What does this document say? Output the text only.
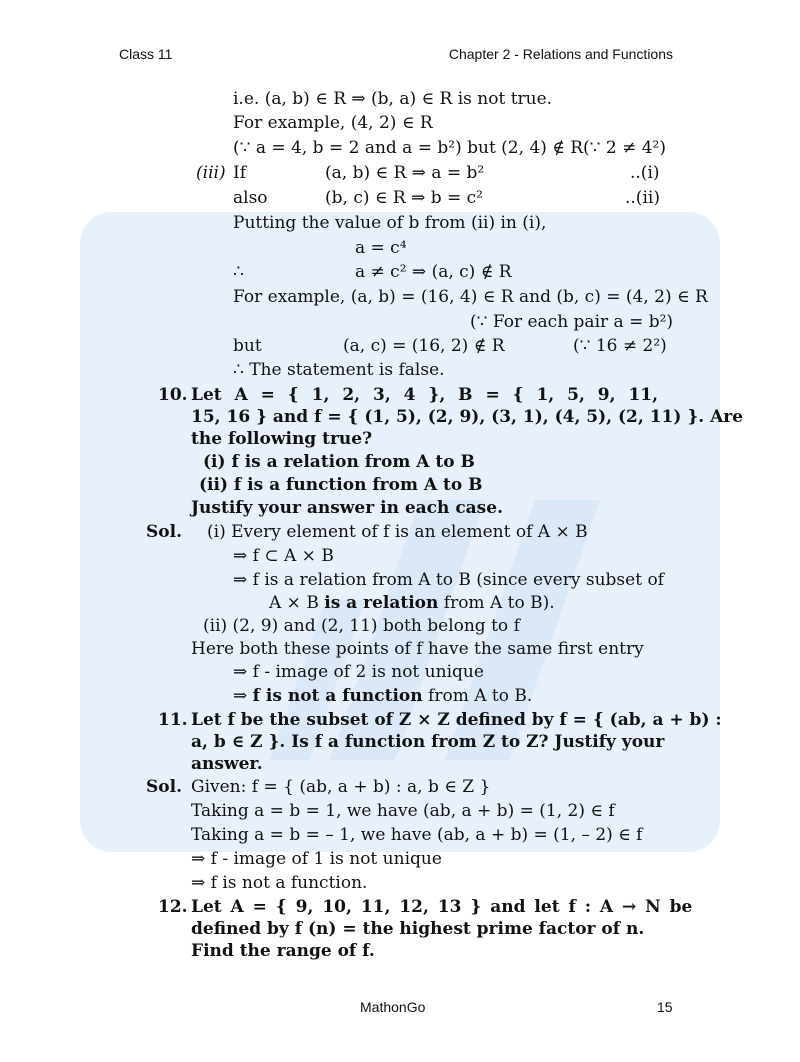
Class 11	Chapter 2 - Relations and Functions
i.e. (a, b) ∈ R ⇒ (b, a) ∈ R is not true.
For example, (4, 2) ∈ R
(∵ a = 4, b = 2 and a = b²) but (2, 4) ∉ R (∵ 2 ≠ 4²)
(iii) If	(a, b) ∈ R ⇒ a = b²	..(i)
also	(b, c) ∈ R ⇒ b = c²	..(ii)
Putting the value of b from (ii) in (i),
a = c⁴
∴	a ≠ c² ⇒ (a, c) ∉ R
For example, (a, b) = (16, 4) ∈ R and (b, c) = (4, 2) ∈ R
(∵ For each pair a = b²)
but	(a, c) = (16, 2) ∉ R	(∵ 16 ≠ 2²)
∴ The statement is false.
10. Let A = { 1, 2, 3, 4 }, B = { 1, 5, 9, 11,
15, 16 } and f = { (1, 5), (2, 9), (3, 1), (4, 5), (2, 11) }. Are
the following true?
(i) f is a relation from A to B
(ii) f is a function from A to B
Justify your answer in each case.
Sol. (i) Every element of f is an element of A × B
⇒ f ⊂ A × B
⇒ f is a relation from A to B (since every subset of
A × B is a relation from A to B).
(ii) (2, 9) and (2, 11) both belong to f
Here both these points of f have the same first entry
⇒ f - image of 2 is not unique
⇒ f is not a function from A to B.
11. Let f be the subset of Z × Z defined by f = { (ab, a + b) :
a, b ∈ Z }. Is f a function from Z to Z? Justify your
answer.
Sol. Given: f = { (ab, a + b) : a, b ∈ Z }
Taking a = b = 1, we have (ab, a + b) = (1, 2) ∈ f
Taking a = b = – 1, we have (ab, a + b) = (1, – 2) ∈ f
⇒ f - image of 1 is not unique
⇒ f is not a function.
12. Let A = { 9, 10, 11, 12, 13 } and let f : A → N be
defined by f (n) = the highest prime factor of n.
Find the range of f.
MathonGo	15
